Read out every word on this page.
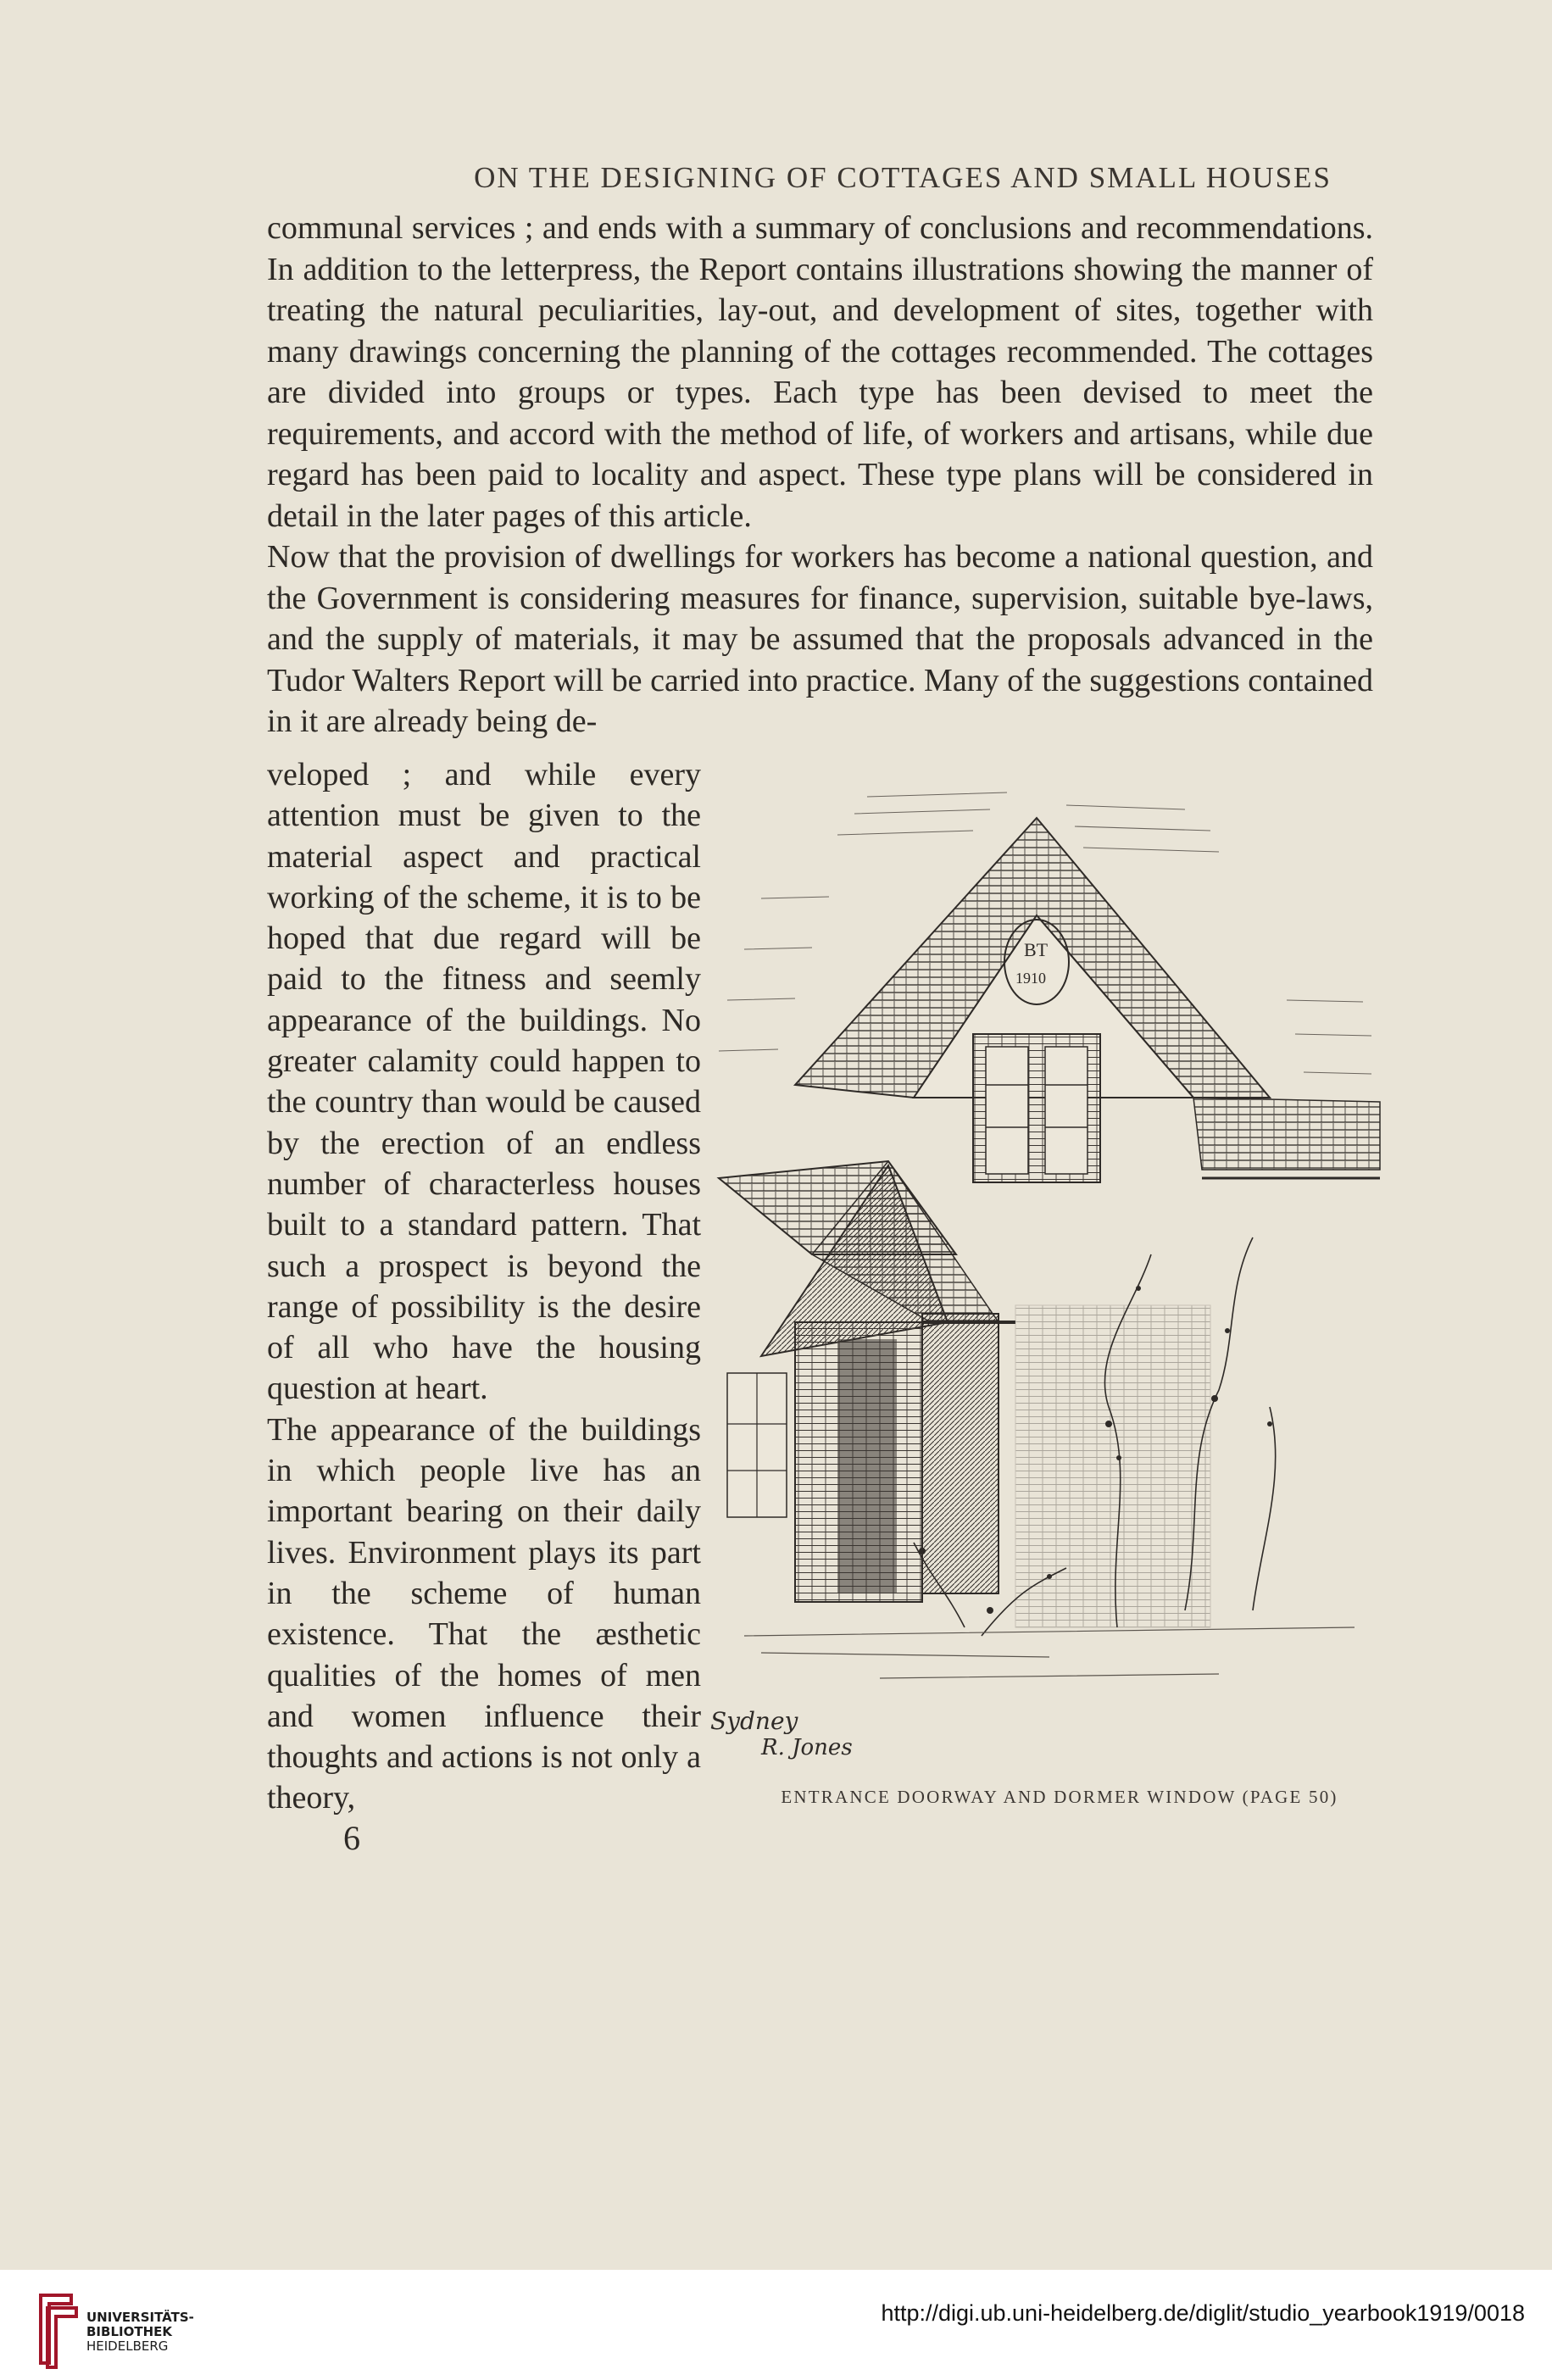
ON THE DESIGNING OF COTTAGES AND SMALL HOUSES

communal services ; and ends with a summary of conclusions and recommendations. In addition to the letterpress, the Report contains illustrations showing the manner of treating the natural peculiarities, lay-out, and development of sites, together with many drawings concerning the planning of the cottages recommended. The cottages are divided into groups or types. Each type has been devised to meet the requirements, and accord with the method of life, of workers and artisans, while due regard has been paid to locality and aspect. These type plans will be considered in detail in the later pages of this article.

Now that the provision of dwellings for workers has become a national question, and the Government is considering measures for finance, supervision, suitable bye-laws, and the supply of materials, it may be assumed that the proposals advanced in the Tudor Walters Report will be carried into practice. Many of the suggestions contained in it are already being de-

veloped ; and while every attention must be given to the material aspect and practical working of the scheme, it is to be hoped that due regard will be paid to the fitness and seemly appearance of the buildings. No greater calamity could happen to the country than would be caused by the erection of an endless number of characterless houses built to a standard pattern. That such a prospect is beyond the range of possibility is the desire of all who have the housing question at heart.

The appearance of the buildings in which people live has an important bearing on their daily lives. Environment plays its part in the scheme of human existence. That the æsthetic qualities of the homes of men and women influence their thoughts and actions is not only a theory,

BT
1910
Sydney
R. Jones
ENTRANCE DOORWAY AND DORMER WINDOW (PAGE 50)
6
UNIVERSITÄTS-
BIBLIOTHEK
HEIDELBERG
http://digi.ub.uni-heidelberg.de/diglit/studio_yearbook1919/0018
